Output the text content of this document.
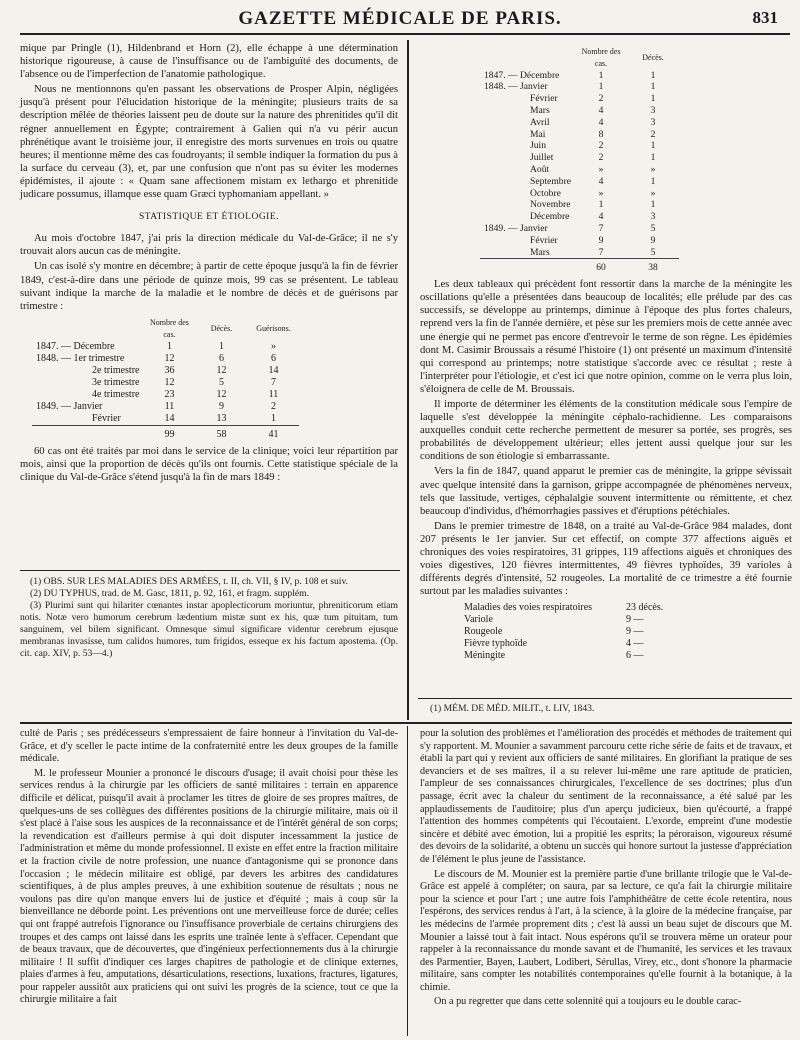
GAZETTE MÉDICALE DE PARIS.	831

mique par Pringle (1), Hildenbrand et Horn (2), elle échappe à une détermination historique rigoureuse, à cause de l'insuffisance ou de l'ambiguïté des documents, de l'absence ou de l'imperfection de l'anatomie pathologique.

Nous ne mentionnons qu'en passant les observations de Prosper Alpin, négligées jusqu'à présent pour l'élucidation historique de la méningite; plusieurs traits de sa description mêlée de théories laissent peu de doute sur la nature des phrenitides qu'il dit régner annuellement en Égypte; contrairement à Galien qui n'a vu périr aucun phrénétique avant le troisième jour, il enregistre des morts survenues en trois ou quatre heures; il mentionne même des cas foudroyants; il semble indiquer la formation du pus à la surface du cerveau (3), et, par une confusion que n'ont pas su éviter les modernes épidémistes, il ajoute : « Quam sane affectionem mistam ex lethargo et phrenitide judicare possumus, illamque esse quam Græci typhomaniam appellant. »

STATISTIQUE ET ÉTIOLOGIE.

Au mois d'octobre 1847, j'ai pris la direction médicale du Val-de-Grâce; il ne s'y trouvait alors aucun cas de méningite.

Un cas isolé s'y montre en décembre; à partir de cette époque jusqu'à la fin de février 1849, c'est-à-dire dans une période de quinze mois, 99 cas se présentent. Le tableau suivant indique la marche de la maladie et le nombre de décès et de guérisons par trimestre :

	Nombre des cas.	Décès.	Guérisons.
1847. — Décembre	1	1	»
1848. — 1er trimestre	12	6	6
2e trimestre	36	12	14
3e trimestre	12	5	7
4e trimestre	23	12	11
1849. — Janvier	11	9	2
Février	14	13	1
	99	58	41

60 cas ont été traités par moi dans le service de la clinique; voici leur répartition par mois, ainsi que la proportion de décès qu'ils ont fournis. Cette statistique spéciale de la clinique du Val-de-Grâce s'étend jusqu'à la fin de mars 1849 :

(1) OBS. SUR LES MALADIES DES ARMÉES, t. II, ch. VII, § IV, p. 108 et suiv.

(2) DU TYPHUS, trad. de M. Gasc, 1811, p. 92, 161, et fragm. supplém.

(3) Plurimi sunt qui hilariter cœnantes instar apoplecticorum moriuntur, phreniticorum etiam notis. Notæ vero humorum cerebrum lædentium mistæ sunt ex his, quæ tum pituitam, tum sanguinem, vel bilem significant. Omnesque simul significare videntur cerebrum ejusque membranas invasisse, tum calidos humores, tum frigidos, esseque ex his factum apostema. (Op. cit. cap. XIV, p. 53—4.)

	Nombre des cas.	Décès.
1847. — Décembre	1	1
1848. — Janvier	1	1
Février	2	1
Mars	4	3
Avril	4	3
Mai	8	2
Juin	2	1
Juillet	2	1
Août	»	»
Septembre	4	1
Octobre	»	»
Novembre	1	1
Décembre	4	3
1849. — Janvier	7	5
Février	9	9
Mars	7	5
	60	38

Les deux tableaux qui précèdent font ressortir dans la marche de la méningite les oscillations qu'elle a présentées dans beaucoup de localités; elle prélude par des cas successifs, se développe au printemps, diminue à l'époque des plus fortes chaleurs, reprend vers la fin de l'année dernière, et pèse sur les premiers mois de cette année avec une énergie qui ne permet pas encore d'entrevoir le terme de son règne. Les épidémies dont M. Casimir Broussais a résumé l'histoire (1) ont présenté un maximum d'intensité qui correspond au printemps; notre statistique s'accorde avec ce résultat ; reste à l'interpréter pour l'étiologie, et c'est ici que notre opinion, comme on le verra plus loin, s'éloignera de celle de M. Broussais.

Il importe de déterminer les éléments de la constitution médicale sous l'empire de laquelle s'est développée la méningite céphalo-rachidienne. Les comparaisons auxquelles conduit cette recherche permettent de mesurer sa portée, ses progrès, ses probabilités de développement ultérieur; elles jettent aussi quelque jour sur les conditions de son étiologie si embarrassante.

Vers la fin de 1847, quand apparut le premier cas de méningite, la grippe sévissait avec quelque intensité dans la garnison, grippe accompagnée de phénomènes nerveux, tels que lassitude, vertiges, céphalalgie souvent intermittente ou rémittente, et chez beaucoup d'individus, d'hémorrhagies passives et d'éruptions pétéchiales.

Dans le premier trimestre de 1848, on a traité au Val-de-Grâce 984 malades, dont 207 présents le 1er janvier. Sur cet effectif, on compte 377 affections aiguës et chroniques des voies respiratoires, 31 grippes, 119 affections aiguës et chroniques des voies digestives, 120 fièvres intermittentes, 49 fièvres typhoïdes, 39 varioles à différents degrés d'intensité, 52 rougeoles. La mortalité de ce trimestre a été fournie surtout par les maladies suivantes :

Maladies des voies respiratoires	23 décès.
Variole	9 —
Rougeole	9 —
Fièvre typhoïde	4 —
Méningite	6 —

(1) MÉM. DE MÉD. MILIT., t. LIV, 1843.

culté de Paris ; ses prédécesseurs s'empressaient de faire honneur à l'invitation du Val-de-Grâce, et d'y sceller le pacte intime de la confraternité entre les deux groupes de la famille médicale.

M. le professeur Mounier a prononcé le discours d'usage; il avait choisi pour thèse les services rendus à la chirurgie par les officiers de santé militaires : terrain en apparence difficile et délicat, puisqu'il avait à proclamer les titres de gloire de ses propres maîtres, de quelques-uns de ses collègues des différentes positions de la chirurgie militaire, mais où il s'est placé à l'aise sous les auspices de la reconnaissance et de l'intérêt général de son corps; la revendication est d'ailleurs permise à qui doit disputer incessamment la justice de l'administration et même du monde professionnel. Il existe en effet entre la fraction militaire et la fraction civile de notre profession, une nuance d'antagonisme qui se prononce dans l'occasion ; le médecin militaire est obligé, par devers les arbitres des candidatures scientifiques, à de plus amples preuves, à une exhibition soutenue de résultats ; nous ne voulons pas dire qu'on manque envers lui de justice et d'équité ; mais à coup sûr la bienveillance ne déborde point. Les préventions ont une merveilleuse force de durée; celles qui ont frappé autrefois l'ignorance ou l'insuffisance proverbiale de certains chirurgiens des troupes et des camps ont laissé dans les esprits une traînée lente à s'effacer. Cependant que de beaux travaux, que de découvertes, que d'ingénieux perfectionnements dus à la chirurgie militaire ! Il suffit d'indiquer ces larges chapitres de pathologie et de clinique externes, plaies d'armes à feu, amputations, désarticulations, resections, luxations, fractures, ligatures, pour rappeler aussitôt aux praticiens qui ont suivi les progrès de la science, tout ce que la chirurgie militaire a fait

pour la solution des problèmes et l'amélioration des procédés et méthodes de traitement qui s'y rapportent. M. Mounier a savamment parcouru cette riche série de faits et de travaux, et établi la part qui y revient aux officiers de santé militaires. En glorifiant la pratique de ses devanciers et de ses maîtres, il a su relever lui-même une rare aptitude de praticien, l'ampleur de ses connaissances chirurgicales, l'excellence de ses doctrines; plus d'un passage, écrit avec la chaleur du sentiment de la reconnaissance, a été salué par les applaudissements de l'auditoire; plus d'un aperçu judicieux, bien qu'écourté, a frappé l'attention des hommes compétents qui l'écoutaient. L'exorde, empreint d'une modestie sincère et débité avec émotion, lui a propitié les esprits; la péroraison, vigoureux résumé des devoirs de la solidarité, a obtenu un succès qui honore surtout la justesse d'appréciation de l'élément le plus jeune de l'assistance.

Le discours de M. Mounier est la première partie d'une brillante trilogie que le Val-de-Grâce est appelé à compléter; on saura, par sa lecture, ce qu'a fait la chirurgie militaire pour la science et pour l'art ; une autre fois l'amphithéâtre de cette école retentira, nous l'espérons, des services rendus à l'art, à la science, à la gloire de la médecine française, par les médecins de l'armée proprement dits ; c'est là aussi un beau sujet de discours que M. Mounier a laissé tout à fait intact. Nous espérons qu'il se trouvera même un orateur pour rappeler à la reconnaissance du monde savant et de l'humanité, les services et les travaux des Parmentier, Bayen, Laubert, Lodibert, Sérullas, Virey, etc., dont s'honore la pharmacie militaire, sans compter les notabilités contemporaines qu'elle fournit à la botanique, à la chimie.

On a pu regretter que dans cette solennité qui a toujours eu le double carac-
